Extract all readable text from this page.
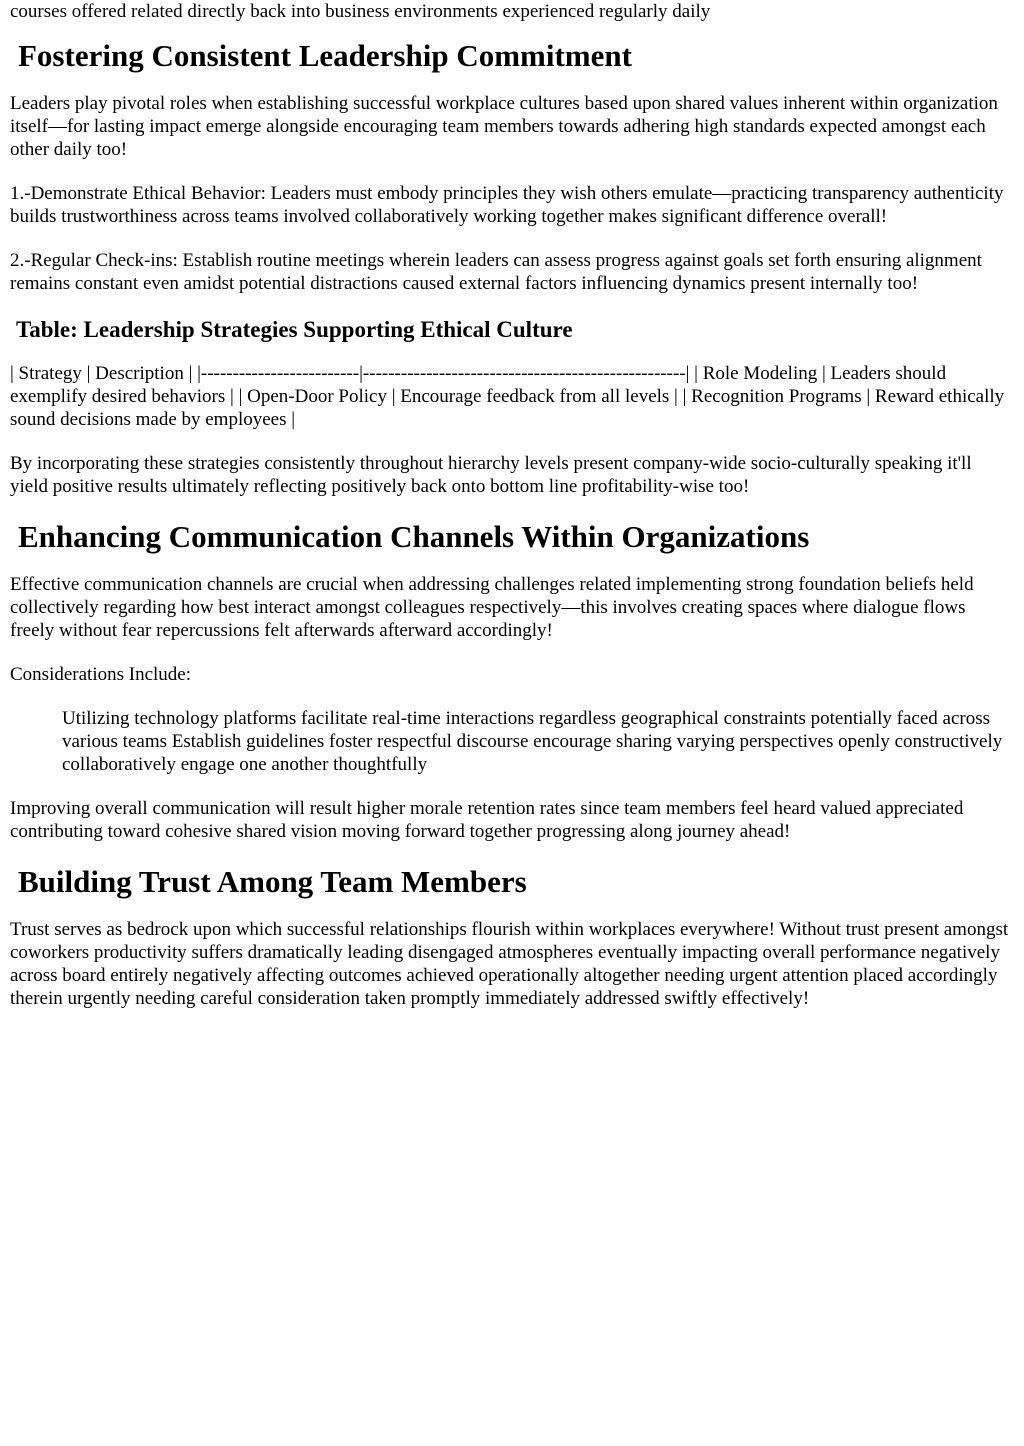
courses offered related directly back into business environments experienced regularly daily

Fostering Consistent Leadership Commitment

Leaders play pivotal roles when establishing successful workplace cultures based upon shared values inherent within organization itself—for lasting impact emerge alongside encouraging team members towards adhering high standards expected amongst each other daily too!

1.-Demonstrate Ethical Behavior: Leaders must embody principles they wish others emulate—practicing transparency authenticity builds trustworthiness across teams involved collaboratively working together makes significant difference overall!

2.-Regular Check-ins: Establish routine meetings wherein leaders can assess progress against goals set forth ensuring alignment remains constant even amidst potential distractions caused external factors influencing dynamics present internally too!

Table: Leadership Strategies Supporting Ethical Culture

| Strategy | Description | |-------------------------|---------------------------------------------------| | Role Modeling | Leaders should exemplify desired behaviors | | Open-Door Policy | Encourage feedback from all levels | | Recognition Programs | Reward ethically sound decisions made by employees |

By incorporating these strategies consistently throughout hierarchy levels present company-wide socio-culturally speaking it'll yield positive results ultimately reflecting positively back onto bottom line profitability-wise too!

Enhancing Communication Channels Within Organizations

Effective communication channels are crucial when addressing challenges related implementing strong foundation beliefs held collectively regarding how best interact amongst colleagues respectively—this involves creating spaces where dialogue flows freely without fear repercussions felt afterwards afterward accordingly!

Considerations Include:

Utilizing technology platforms facilitate real-time interactions regardless geographical constraints potentially faced across various teams Establish guidelines foster respectful discourse encourage sharing varying perspectives openly constructively collaboratively engage one another thoughtfully

Improving overall communication will result higher morale retention rates since team members feel heard valued appreciated contributing toward cohesive shared vision moving forward together progressing along journey ahead!

Building Trust Among Team Members

Trust serves as bedrock upon which successful relationships flourish within workplaces everywhere! Without trust present amongst coworkers productivity suffers dramatically leading disengaged atmospheres eventually impacting overall performance negatively across board entirely negatively affecting outcomes achieved operationally altogether needing urgent attention placed accordingly therein urgently needing careful consideration taken promptly immediately addressed swiftly effectively!
